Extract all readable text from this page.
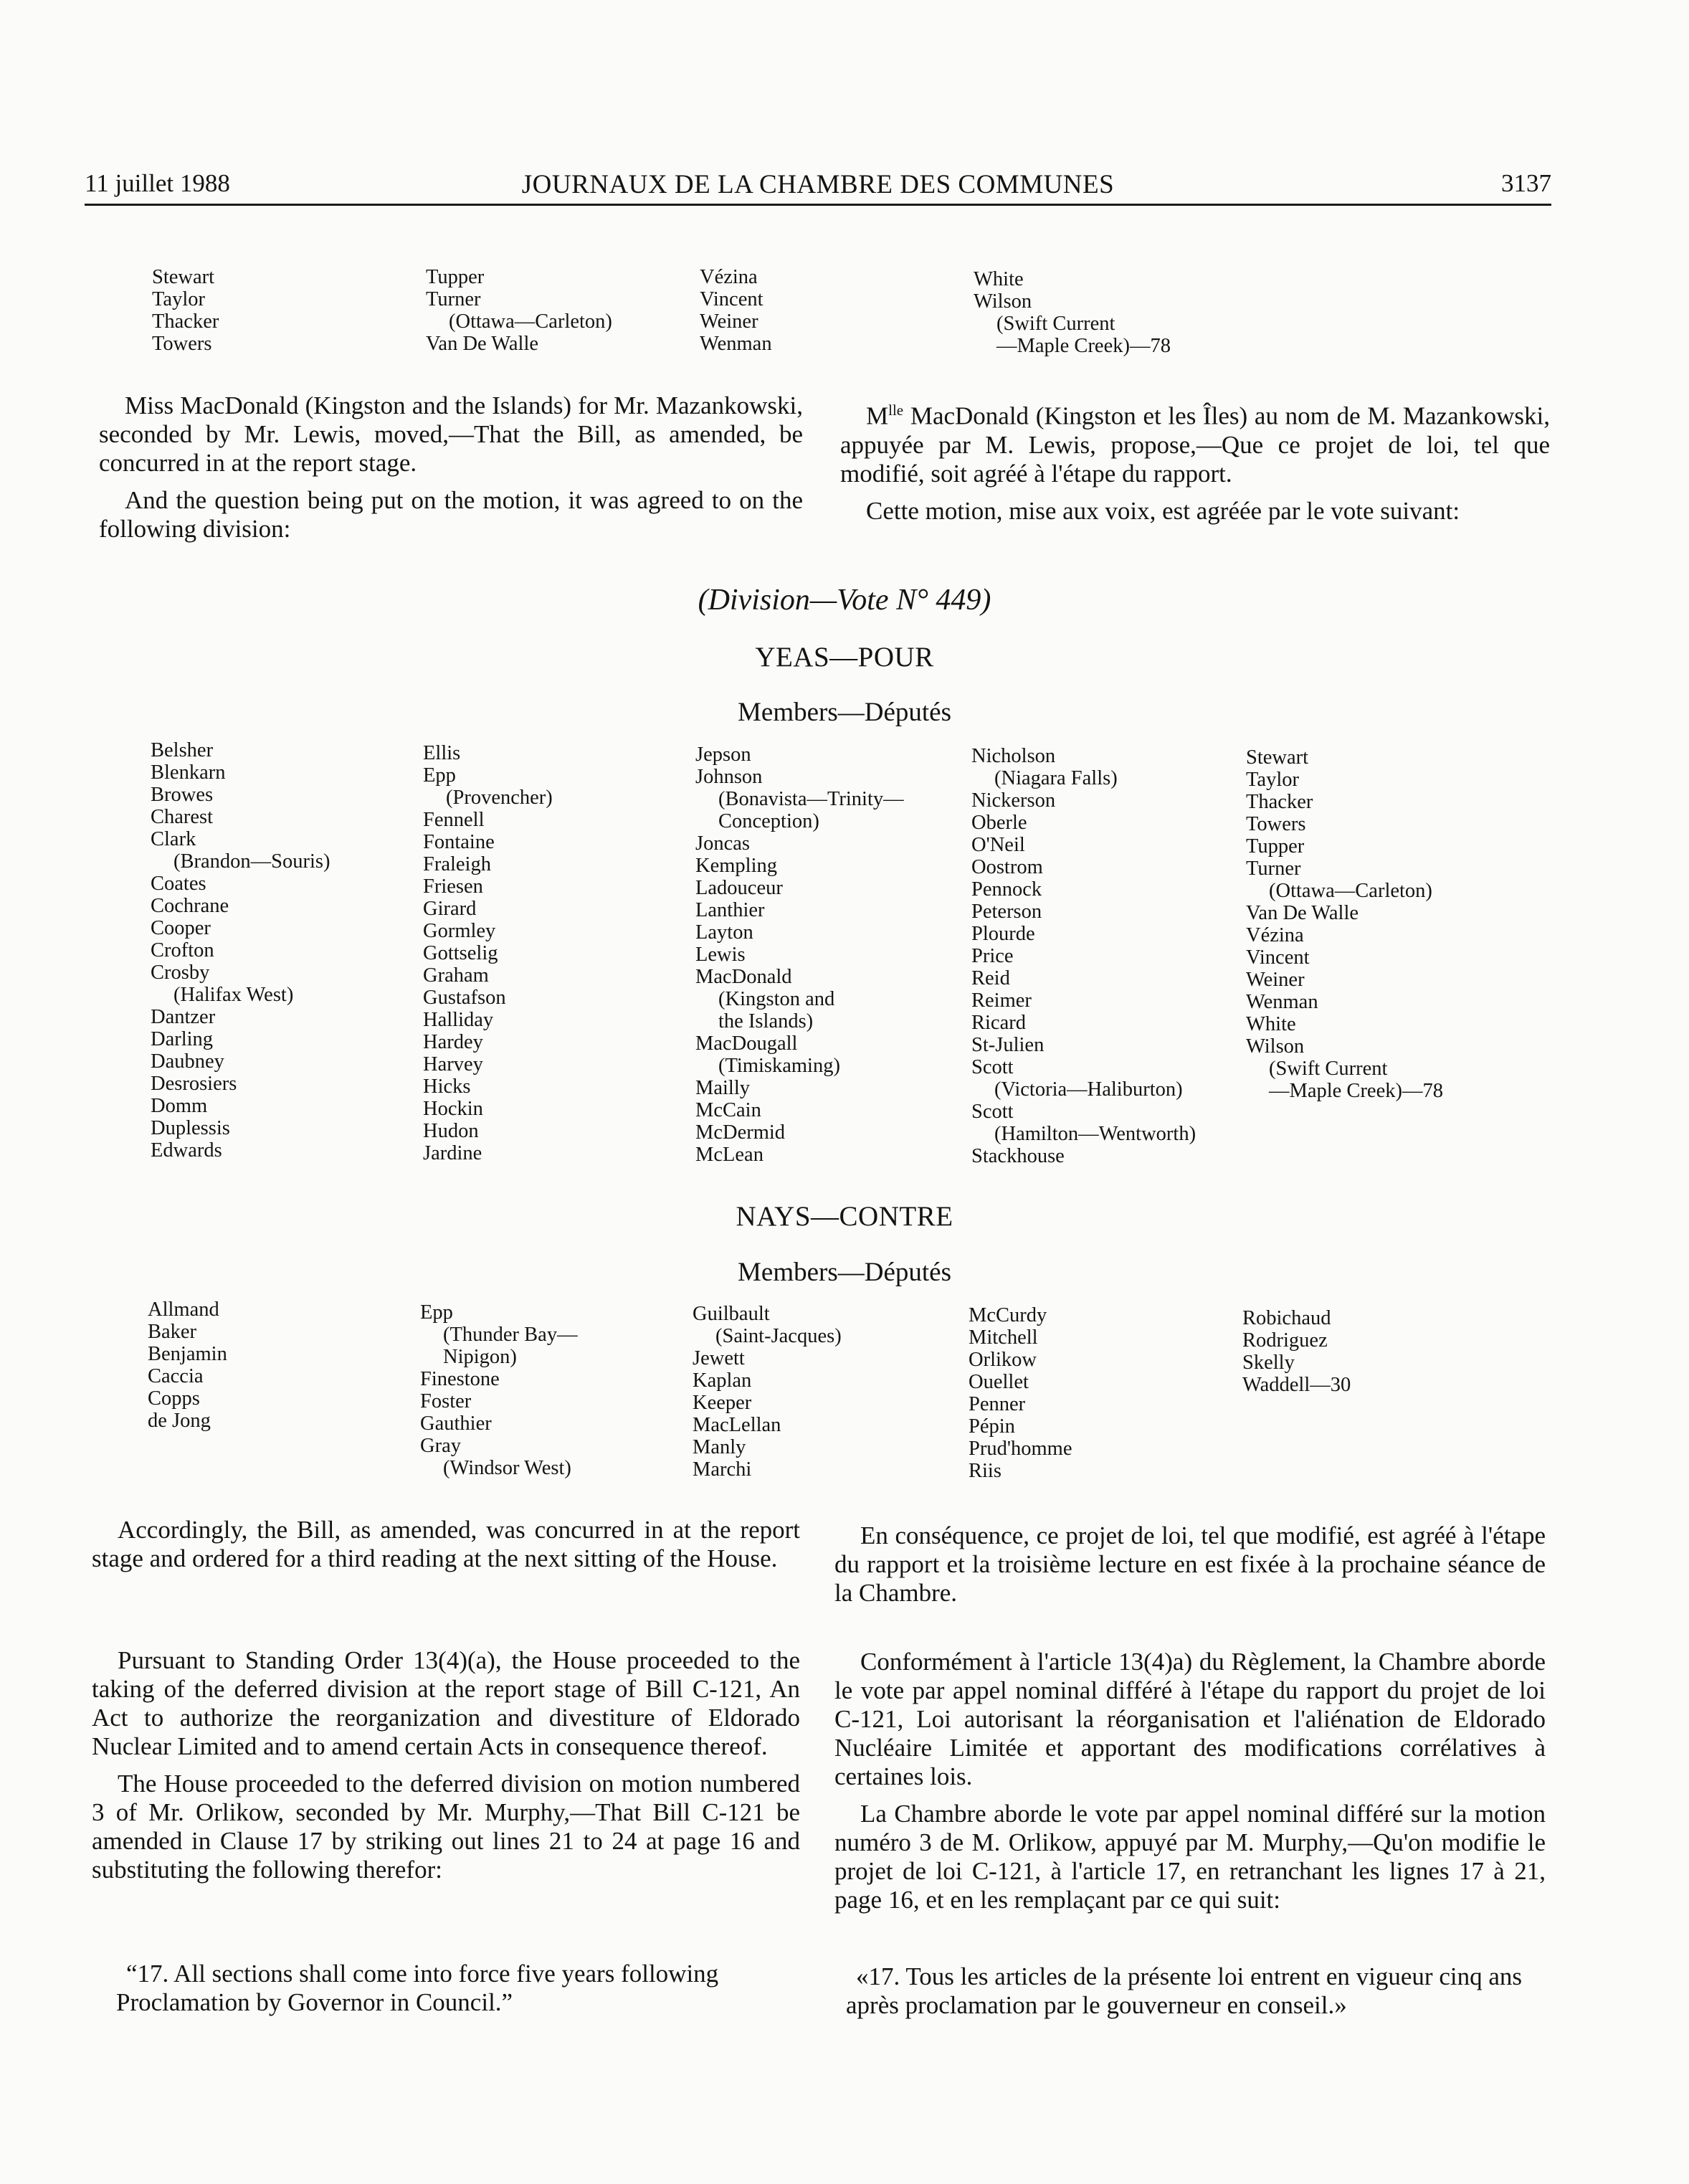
11 juillet 1988	JOURNAUX DE LA CHAMBRE DES COMMUNES	3137
Stewart
Taylor
Thacker
Towers
Tupper
Turner
(Ottawa—Carleton)
Van De Walle
Vézina
Vincent
Weiner
Wenman
White
Wilson
(Swift Current
—Maple Creek)—78

Miss MacDonald (Kingston and the Islands) for Mr. Mazankowski, seconded by Mr. Lewis, moved,—That the Bill, as amended, be concurred in at the report stage.

And the question being put on the motion, it was agreed to on the following division:

$M^{lle}$ MacDonald (Kingston et les Îles) au nom de M. Mazankowski, appuyée par M. Lewis, propose,—Que ce projet de loi, tel que modifié, soit agréé à l'étape du rapport.

Cette motion, mise aux voix, est agréée par le vote suivant:

(Division—Vote N° 449)
YEAS—POUR
Members—Députés
Belsher
Blenkarn
Browes
Charest
Clark
(Brandon—Souris)
Coates
Cochrane
Cooper
Crofton
Crosby
(Halifax West)
Dantzer
Darling
Daubney
Desrosiers
Domm
Duplessis
Edwards
Ellis
Epp
(Provencher)
Fennell
Fontaine
Fraleigh
Friesen
Girard
Gormley
Gottselig
Graham
Gustafson
Halliday
Hardey
Harvey
Hicks
Hockin
Hudon
Jardine
Jepson
Johnson
(Bonavista—Trinity—
Conception)
Joncas
Kempling
Ladouceur
Lanthier
Layton
Lewis
MacDonald
(Kingston and
the Islands)
MacDougall
(Timiskaming)
Mailly
McCain
McDermid
McLean
Nicholson
(Niagara Falls)
Nickerson
Oberle
O'Neil
Oostrom
Pennock
Peterson
Plourde
Price
Reid
Reimer
Ricard
St-Julien
Scott
(Victoria—Haliburton)
Scott
(Hamilton—Wentworth)
Stackhouse
Stewart
Taylor
Thacker
Towers
Tupper
Turner
(Ottawa—Carleton)
Van De Walle
Vézina
Vincent
Weiner
Wenman
White
Wilson
(Swift Current
—Maple Creek)—78
NAYS—CONTRE
Members—Députés
Allmand
Baker
Benjamin
Caccia
Copps
de Jong
Epp
(Thunder Bay—
Nipigon)
Finestone
Foster
Gauthier
Gray
(Windsor West)
Guilbault
(Saint-Jacques)
Jewett
Kaplan
Keeper
MacLellan
Manly
Marchi
McCurdy
Mitchell
Orlikow
Ouellet
Penner
Pépin
Prud'homme
Riis
Robichaud
Rodriguez
Skelly
Waddell—30

Accordingly, the Bill, as amended, was concurred in at the report stage and ordered for a third reading at the next sitting of the House.

En conséquence, ce projet de loi, tel que modifié, est agréé à l'étape du rapport et la troisième lecture en est fixée à la prochaine séance de la Chambre.

Pursuant to Standing Order 13(4)(a), the House proceeded to the taking of the deferred division at the report stage of Bill C-121, An Act to authorize the reorganization and divestiture of Eldorado Nuclear Limited and to amend certain Acts in consequence thereof.

The House proceeded to the deferred division on motion numbered 3 of Mr. Orlikow, seconded by Mr. Murphy,—That Bill C-121 be amended in Clause 17 by striking out lines 21 to 24 at page 16 and substituting the following therefor:

“17. All sections shall come into force five years following Proclamation by Governor in Council.”

Conformément à l'article 13(4)a) du Règlement, la Chambre aborde le vote par appel nominal différé à l'étape du rapport du projet de loi C-121, Loi autorisant la réorganisation et l'aliénation de Eldorado Nucléaire Limitée et apportant des modifications corrélatives à certaines lois.

La Chambre aborde le vote par appel nominal différé sur la motion numéro 3 de M. Orlikow, appuyé par M. Murphy,—Qu'on modifie le projet de loi C-121, à l'article 17, en retranchant les lignes 17 à 21, page 16, et en les remplaçant par ce qui suit:

«17. Tous les articles de la présente loi entrent en vigueur cinq ans après proclamation par le gouverneur en conseil.»
